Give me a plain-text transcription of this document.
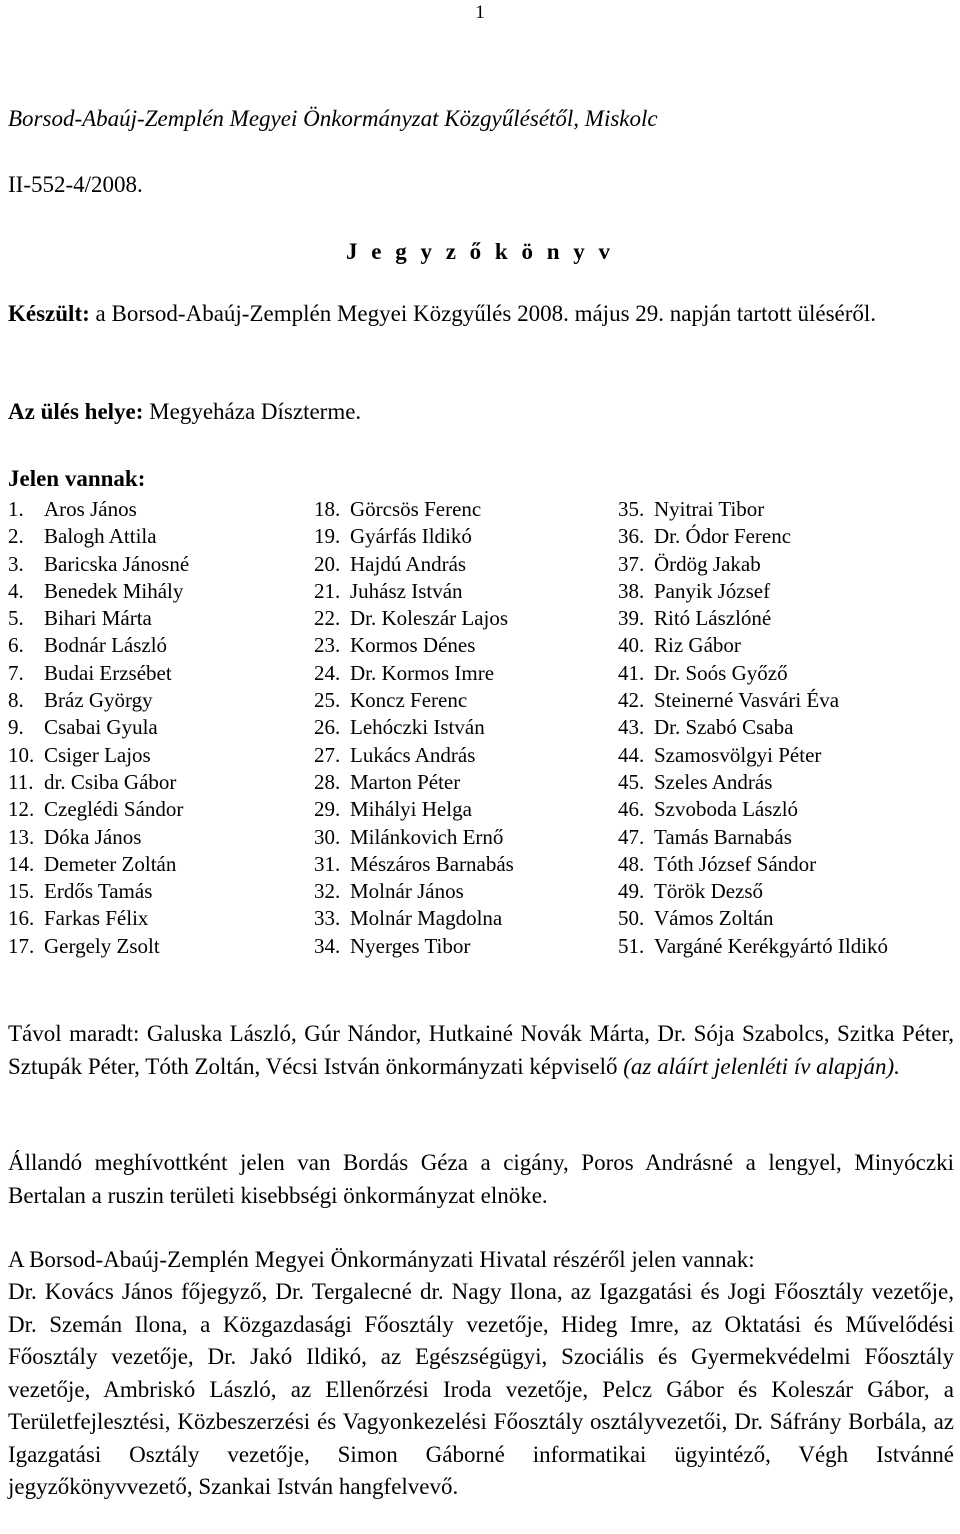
1
Borsod-Abaúj-Zemplén Megyei Önkormányzat Közgyűlésétől, Miskolc
II-552-4/2008.
J e g y z ő k ö n y v
Készült: a Borsod-Abaúj-Zemplén Megyei Közgyűlés 2008. május 29. napján tartott üléséről.
Az ülés helye: Megyeháza Díszterme.
Jelen vannak:
1. Aros János
2. Balogh Attila
3. Baricska Jánosné
4. Benedek Mihály
5. Bihari Márta
6. Bodnár László
7. Budai Erzsébet
8. Bráz György
9. Csabai Gyula
10. Csiger Lajos
11. dr. Csiba Gábor
12. Czeglédi Sándor
13. Dóka János
14. Demeter Zoltán
15. Erdős Tamás
16. Farkas Félix
17. Gergely Zsolt
18. Görcsös Ferenc
19. Gyárfás Ildikó
20. Hajdú András
21. Juhász István
22. Dr. Koleszár Lajos
23. Kormos Dénes
24. Dr. Kormos Imre
25. Koncz Ferenc
26. Lehóczki István
27. Lukács András
28. Marton Péter
29. Mihályi Helga
30. Milánkovich Ernő
31. Mészáros Barnabás
32. Molnár János
33. Molnár Magdolna
34. Nyerges Tibor
35. Nyitrai Tibor
36. Dr. Ódor Ferenc
37. Ördög Jakab
38. Panyik József
39. Ritó Lászlóné
40. Riz Gábor
41. Dr. Soós Győző
42. Steinerné Vasvári Éva
43. Dr. Szabó Csaba
44. Szamosvölgyi Péter
45. Szeles András
46. Szvoboda László
47. Tamás Barnabás
48. Tóth József Sándor
49. Török Dezső
50. Vámos Zoltán
51. Vargáné Kerékgyártó Ildikó
Távol maradt: Galuska László, Gúr Nándor, Hutkainé Novák Márta, Dr. Sója Szabolcs, Szitka Péter, Sztupák Péter, Tóth Zoltán, Vécsi István önkormányzati képviselő (az aláírt jelenléti ív alapján).
Állandó meghívottként jelen van Bordás Géza a cigány, Poros Andrásné a lengyel, Minyóczki Bertalan a ruszin területi kisebbségi önkormányzat elnöke.
A Borsod-Abaúj-Zemplén Megyei Önkormányzati Hivatal részéről jelen vannak:
Dr. Kovács János főjegyző, Dr. Tergalecné dr. Nagy Ilona, az Igazgatási és Jogi Főosztály vezetője, Dr. Szemán Ilona, a Közgazdasági Főosztály vezetője, Hideg Imre, az Oktatási és Művelődési Főosztály vezetője, Dr. Jakó Ildikó, az Egészségügyi, Szociális és Gyermekvédelmi Főosztály vezetője, Ambriskó László, az Ellenőrzési Iroda vezetője, Pelcz Gábor és Koleszár Gábor, a Területfejlesztési, Közbeszerzési és Vagyonkezelési Főosztály osztályvezetői, Dr. Sáfrány Borbála, az Igazgatási Osztály vezetője, Simon Gáborné informatikai ügyintéző, Végh Istvánné jegyzőkönyvvezető, Szankai István hangfelvevő.
